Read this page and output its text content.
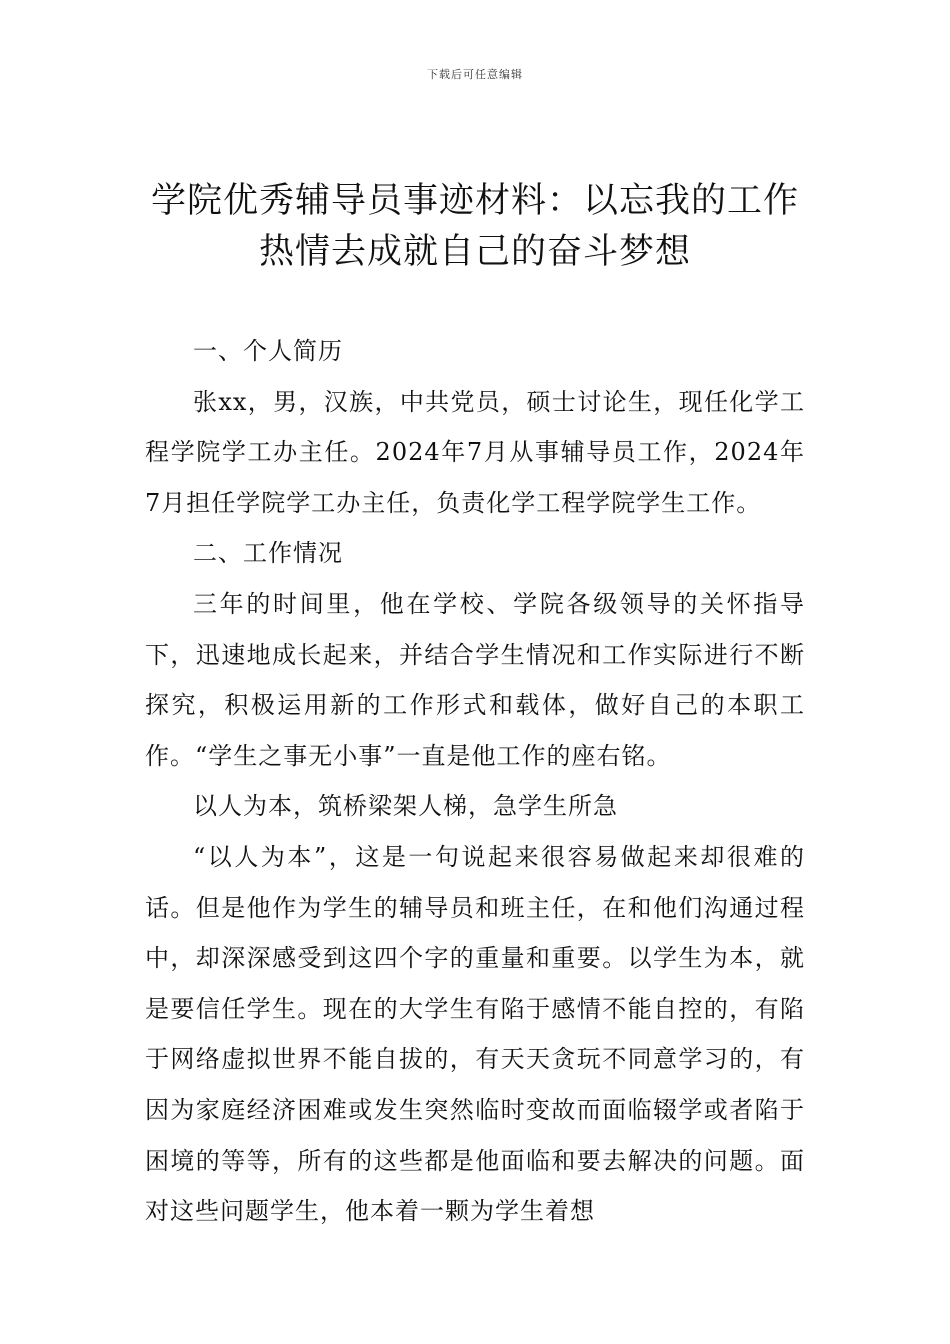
下载后可任意编辑
学院优秀辅导员事迹材料：以忘我的工作
热情去成就自己的奋斗梦想

一、个人简历

张xx，男，汉族，中共党员，硕士讨论生，现任化学工程学院学工办主任。2024年7月从事辅导员工作，2024年7月担任学院学工办主任，负责化学工程学院学生工作。

二、工作情况

三年的时间里，他在学校、学院各级领导的关怀指导下，迅速地成长起来，并结合学生情况和工作实际进行不断探究，积极运用新的工作形式和载体，做好自己的本职工作。“学生之事无小事”一直是他工作的座右铭。

以人为本，筑桥梁架人梯，急学生所急

“以人为本”，这是一句说起来很容易做起来却很难的话。但是他作为学生的辅导员和班主任，在和他们沟通过程中，却深深感受到这四个字的重量和重要。以学生为本，就是要信任学生。现在的大学生有陷于感情不能自控的，有陷于网络虚拟世界不能自拔的，有天天贪玩不同意学习的，有因为家庭经济困难或发生突然临时变故而面临辍学或者陷于困境的等等，所有的这些都是他面临和要去解决的问题。面对这些问题学生，他本着一颗为学生着想
